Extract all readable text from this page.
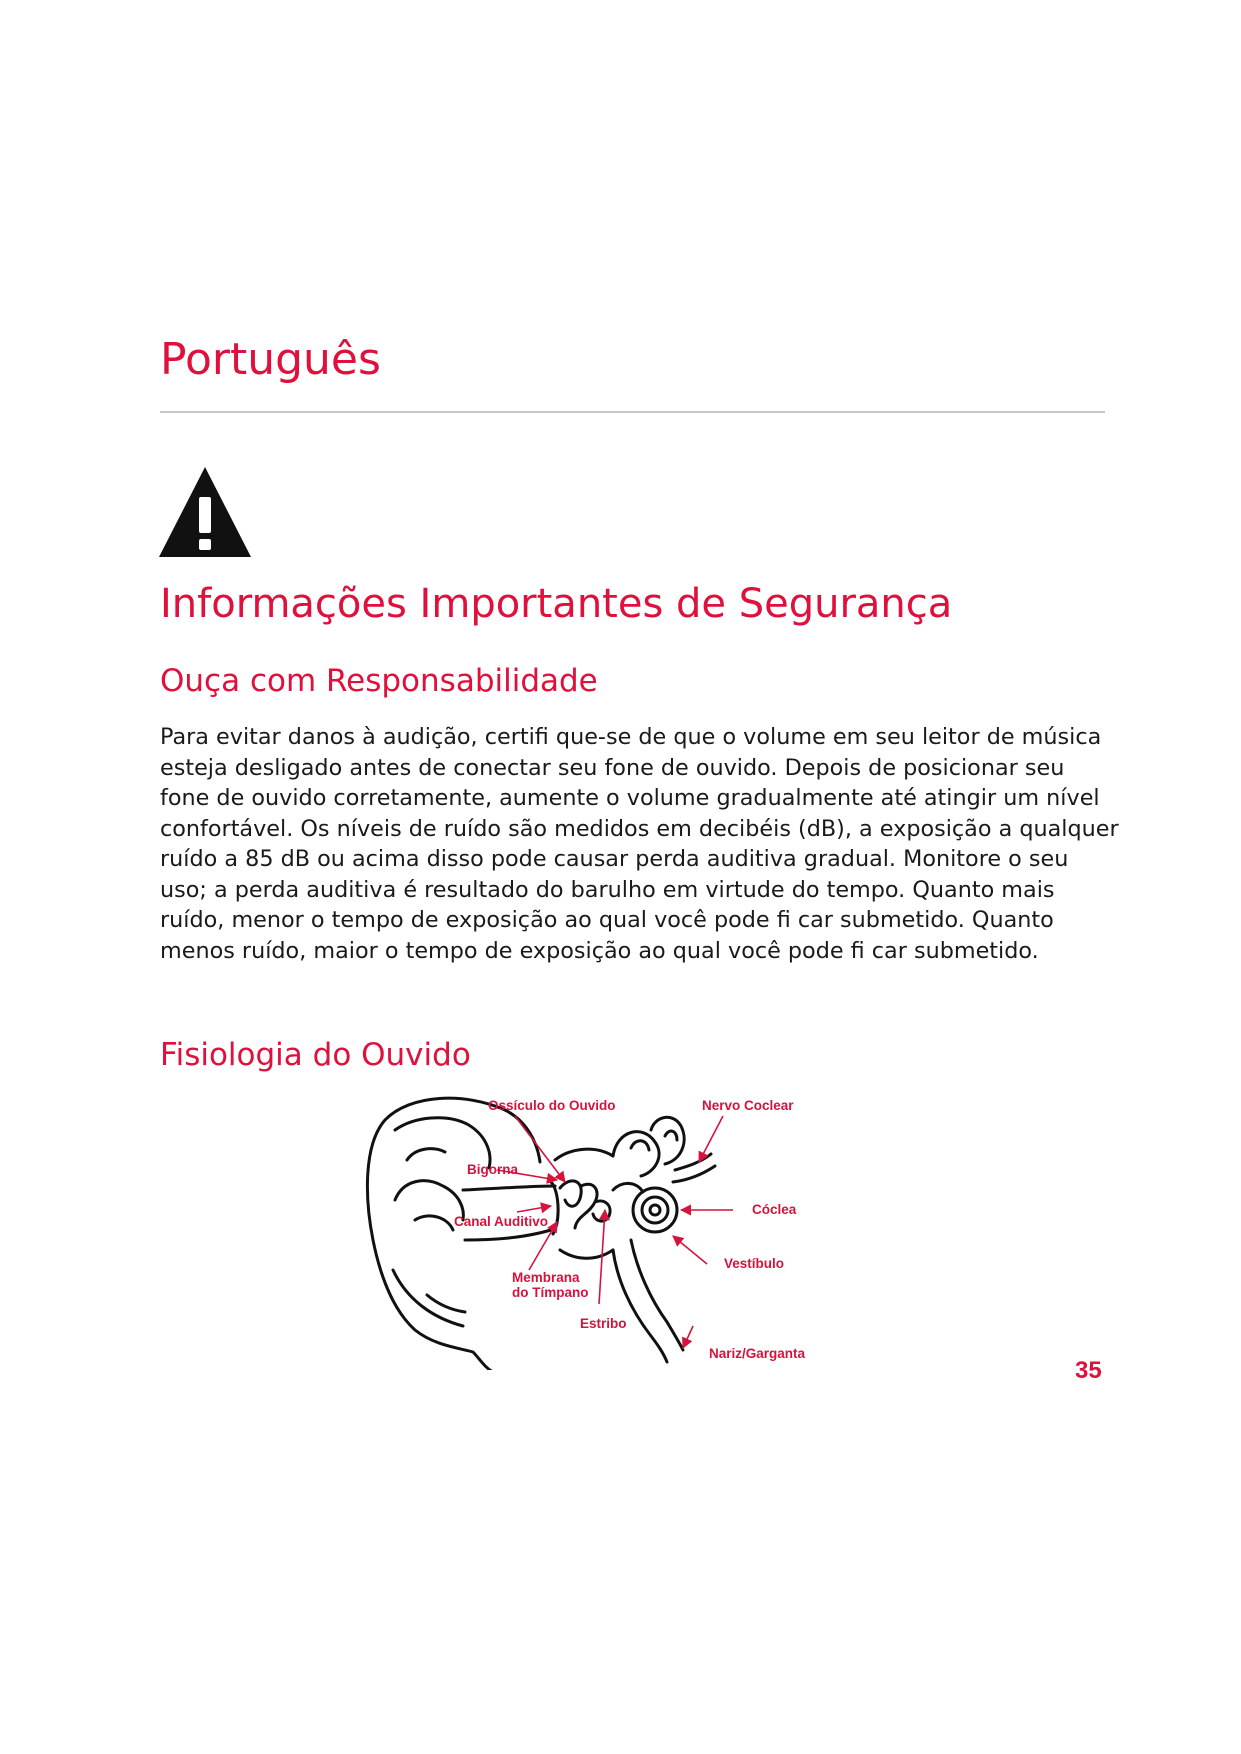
Português
Informações Importantes de Segurança
Ouça com Responsabilidade

Para evitar danos à audição, certifi que-se de que o volume em seu leitor de música esteja desligado antes de conectar seu fone de ouvido. Depois de posicionar seu fone de ouvido corretamente, aumente o volume gradualmente até atingir um nível confortável. Os níveis de ruído são medidos em decibéis (dB), a exposição a qualquer ruído a 85 dB ou acima disso pode causar perda auditiva gradual. Monitore o seu uso; a perda auditiva é resultado do barulho em virtude do tempo. Quanto mais ruído, menor o tempo de exposição ao qual você pode fi car submetido. Quanto menos ruído, maior o tempo de exposição ao qual você pode fi car submetido.

Fisiologia do Ouvido
Ossículo do Ouvido	Nervo Coclear
Bigorna
Cóclea
Canal Auditivo
Vestíbulo
Membrana
do Tímpano
Estribo
Nariz/Garganta
35
